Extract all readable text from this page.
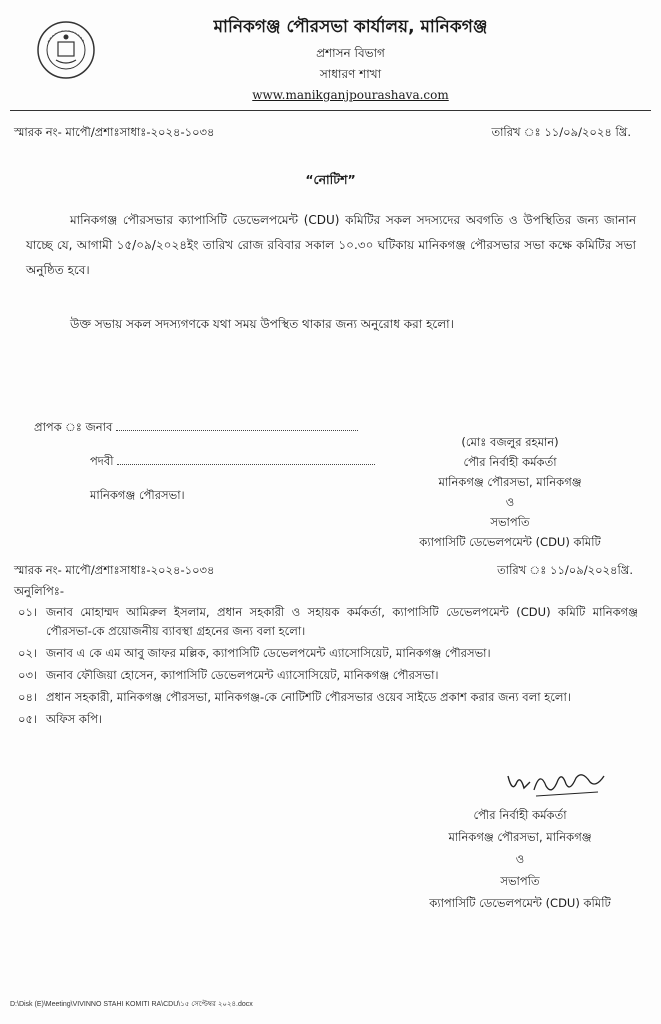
মানিকগঞ্জ পৌরসভা কার্যালয়, মানিকগঞ্জ
প্রশাসন বিভাগ
সাধারণ শাখা
www.manikganjpourashava.com
স্মারক নং- মাপৌ/প্রশাঃসাধাঃ-২০২৪-১০৩৪	তারিখ ঃ ১১/০৯/২০২৪ খ্রি.
“নোটিশ”
মানিকগঞ্জ পৌরসভার ক্যাপাসিটি ডেভেলপমেন্ট (CDU) কমিটির সকল সদস্যদের অবগতি ও উপস্থিতির জন্য জানান যাচ্ছে যে, আগামী ১৫/০৯/২০২৪ইং তারিখ রোজ রবিবার সকাল ১০.৩০ ঘটিকায় মানিকগঞ্জ পৌরসভার সভা কক্ষে কমিটির সভা অনুষ্ঠিত হবে।
উক্ত সভায় সকল সদস্যগণকে যথা সময় উপস্থিত থাকার জন্য অনুরোধ করা হলো।
প্রাপক ঃ জনাব
পদবী
মানিকগঞ্জ পৌরসভা।
(মোঃ বজলুর রহমান)
পৌর নির্বাহী কর্মকর্তা
মানিকগঞ্জ পৌরসভা, মানিকগঞ্জ
ও
সভাপতি
ক্যাপাসিটি ডেভেলপমেন্ট (CDU) কমিটি
স্মারক নং- মাপৌ/প্রশাঃসাধাঃ-২০২৪-১০৩৪	তারিখ ঃ ১১/০৯/২০২৪খ্রি.
অনুলিপিঃ-
০১। জনাব মোহাম্মদ আমিরুল ইসলাম, প্রধান সহকারী ও সহায়ক কর্মকর্তা, ক্যাপাসিটি ডেভেলপমেন্ট (CDU) কমিটি মানিকগঞ্জ পৌরসভা-কে প্রয়োজনীয় ব্যাবস্থা গ্রহনের জন্য বলা হলো।
০২। জনাব এ কে এম আবু জাফর মল্লিক, ক্যাপাসিটি ডেভেলপমেন্ট এ্যাসোসিয়েট, মানিকগঞ্জ পৌরসভা।
০৩। জনাব ফৌজিয়া হোসেন, ক্যাপাসিটি ডেভেলপমেন্ট এ্যাসোসিয়েট, মানিকগঞ্জ পৌরসভা।
০৪। প্রধান সহকারী, মানিকগঞ্জ পৌরসভা, মানিকগঞ্জ-কে নোটিশটি পৌরসভার ওয়েব সাইডে প্রকাশ করার জন্য বলা হলো।
০৫। অফিস কপি।
পৌর নির্বাহী কর্মকর্তা
মানিকগঞ্জ পৌরসভা, মানিকগঞ্জ
ও
সভাপতি
ক্যাপাসিটি ডেভেলপমেন্ট (CDU) কমিটি
D:\Disk (E)\Meeting\VIVINNO STAHI KOMITI RA\CDU\১৫ সেপ্টেম্বর ২০২৪.docx
